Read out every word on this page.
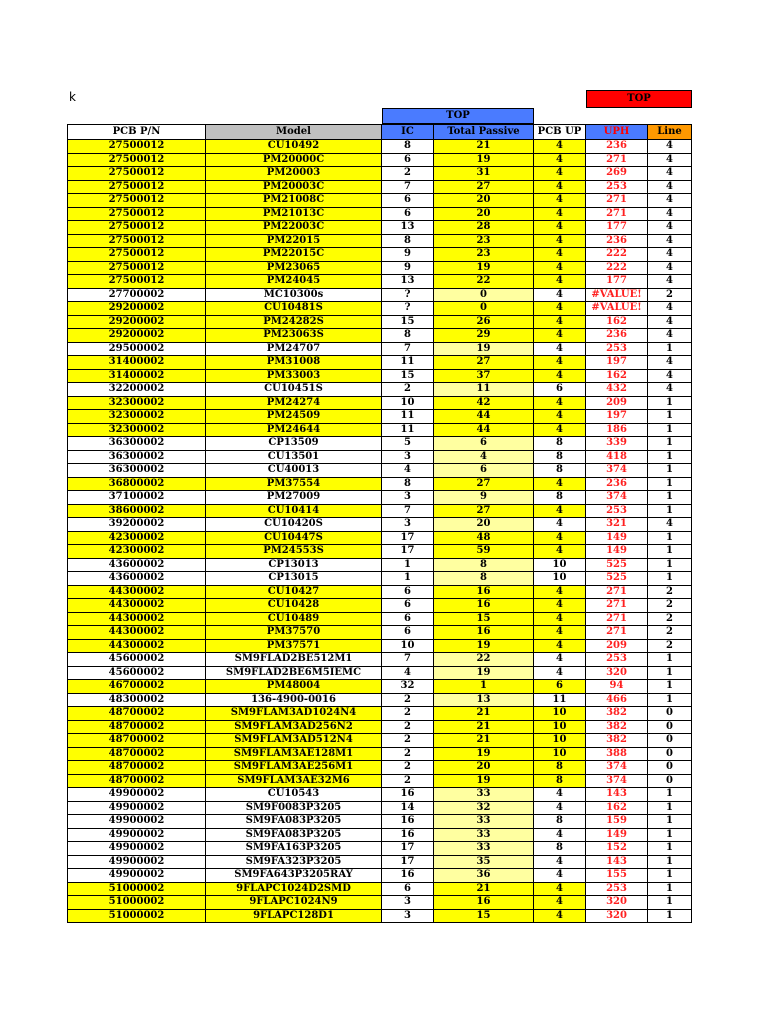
k	TOP
TOP
PCB P/N	Model	IC	Total Passive	PCB UP	UPH	Line
27500012	CU10492	8	21	4	236	4
27500012	PM20000C	6	19	4	271	4
27500012	PM20003	2	31	4	269	4
27500012	PM20003C	7	27	4	253	4
27500012	PM21008C	6	20	4	271	4
27500012	PM21013C	6	20	4	271	4
27500012	PM22003C	13	28	4	177	4
27500012	PM22015	8	23	4	236	4
27500012	PM22015C	9	23	4	222	4
27500012	PM23065	9	19	4	222	4
27500012	PM24045	13	22	4	177	4
27700002	MC10300s	?	0	4	#VALUE!	2
29200002	CU10481S	?	0	4	#VALUE!	4
29200002	PM24282S	15	26	4	162	4
29200002	PM23063S	8	29	4	236	4
29500002	PM24707	7	19	4	253	1
31400002	PM31008	11	27	4	197	4
31400002	PM33003	15	37	4	162	4
32200002	CU10451S	2	11	6	432	4
32300002	PM24274	10	42	4	209	1
32300002	PM24509	11	44	4	197	1
32300002	PM24644	11	44	4	186	1
36300002	CP13509	5	6	8	339	1
36300002	CU13501	3	4	8	418	1
36300002	CU40013	4	6	8	374	1
36800002	PM37554	8	27	4	236	1
37100002	PM27009	3	9	8	374	1
38600002	CU10414	7	27	4	253	1
39200002	CU10420S	3	20	4	321	4
42300002	CU10447S	17	48	4	149	1
42300002	PM24553S	17	59	4	149	1
43600002	CP13013	1	8	10	525	1
43600002	CP13015	1	8	10	525	1
44300002	CU10427	6	16	4	271	2
44300002	CU10428	6	16	4	271	2
44300002	CU10489	6	15	4	271	2
44300002	PM37570	6	16	4	271	2
44300002	PM37571	10	19	4	209	2
45600002	SM9FLAD2BE512M1	7	22	4	253	1
45600002	SM9FLAD2BE6M5IEMC	4	19	4	320	1
46700002	PM48004	32	1	6	94	1
48300002	136-4900-0016	2	13	11	466	1
48700002	SM9FLAM3AD1024N4	2	21	10	382	0
48700002	SM9FLAM3AD256N2	2	21	10	382	0
48700002	SM9FLAM3AD512N4	2	21	10	382	0
48700002	SM9FLAM3AE128M1	2	19	10	388	0
48700002	SM9FLAM3AE256M1	2	20	8	374	0
48700002	SM9FLAM3AE32M6	2	19	8	374	0
49900002	CU10543	16	33	4	143	1
49900002	SM9F0083P3205	14	32	4	162	1
49900002	SM9FA083P3205	16	33	8	159	1
49900002	SM9FA083P3205	16	33	4	149	1
49900002	SM9FA163P3205	17	33	8	152	1
49900002	SM9FA323P3205	17	35	4	143	1
49900002	SM9FA643P3205RAY	16	36	4	155	1
51000002	9FLAPC1024D2SMD	6	21	4	253	1
51000002	9FLAPC1024N9	3	16	4	320	1
51000002	9FLAPC128D1	3	15	4	320	1
